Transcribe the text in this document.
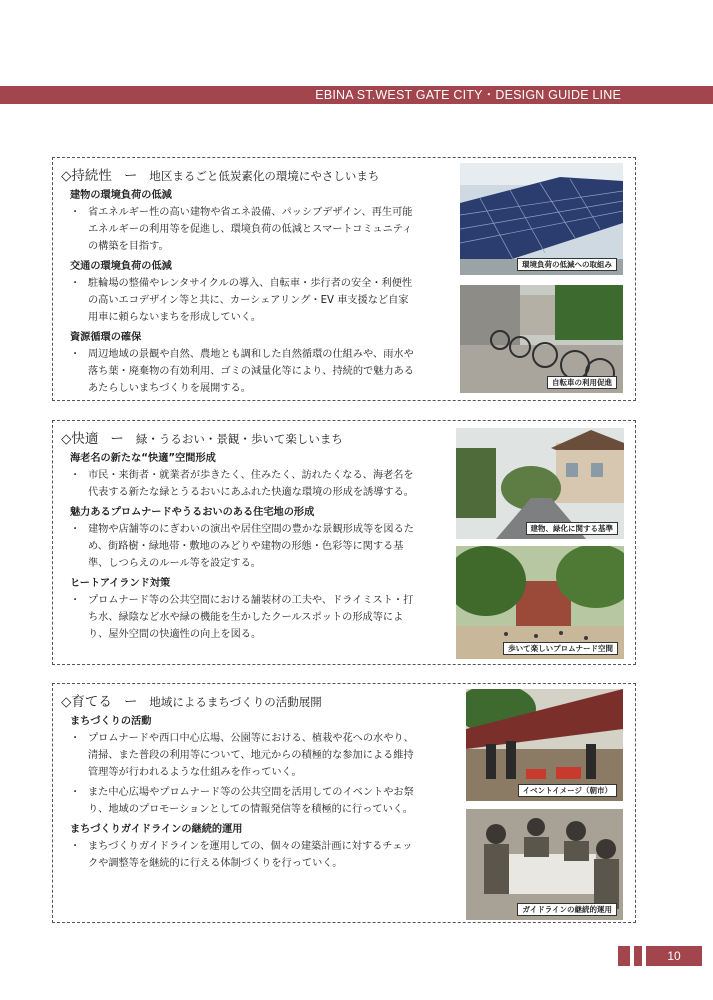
EBINA ST.WEST GATE CITY・DESIGN GUIDE LINE
◇持続性 ー 地区まるごと低炭素化の環境にやさしいまち

建物の環境負荷の低減

・ 省エネルギー性の高い建物や省エネ設備、パッシブデザイン、再生可能エネルギーの利用等を促進し、環境負荷の低減とスマートコミュニティの構築を目指す。

交通の環境負荷の低減

・ 駐輪場の整備やレンタサイクルの導入、自転車・歩行者の安全・利便性の高いエコデザイン等と共に、カーシェアリング・EV 車支援など自家用車に頼らないまちを形成していく。

資源循環の確保

・ 周辺地域の景観や自然、農地とも調和した自然循環の仕組みや、雨水や落ち葉・廃棄物の有効利用、ゴミの減量化等により、持続的で魅力あるあたらしいまちづくりを展開する。

環境負荷の低減への取組み
自転車の利用促進
◇快適 ー 緑・うるおい・景観・歩いて楽しいまち

海老名の新たな“快適”空間形成

・ 市民・来街者・就業者が歩きたく、住みたく、訪れたくなる、海老名を代表する新たな緑とうるおいにあふれた快適な環境の形成を誘導する。

魅力あるプロムナードやうるおいのある住宅地の形成

・ 建物や店舗等のにぎわいの演出や居住空間の豊かな景観形成等を図るため、街路樹・緑地帯・敷地のみどりや建物の形態・色彩等に関する基準、しつらえのルール等を設定する。

ヒートアイランド対策

・ プロムナード等の公共空間における舗装材の工夫や、ドライミスト・打ち水、緑陰など水や緑の機能を生かしたクールスポットの形成等により、屋外空間の快適性の向上を図る。

建物、緑化に関する基準
歩いて楽しいプロムナード空間
◇育てる ー 地域によるまちづくりの活動展開

まちづくりの活動

・ プロムナードや西口中心広場、公園等における、植栽や花への水やり、清掃、また普段の利用等について、地元からの積極的な参加による維持管理等が行われるような仕組みを作っていく。

・ また中心広場やプロムナード等の公共空間を活用してのイベントやお祭り、地域のプロモーションとしての情報発信等を積極的に行っていく。

まちづくりガイドラインの継続的運用

・ まちづくりガイドラインを運用しての、個々の建築計画に対するチェックや調整等を継続的に行える体制づくりを行っていく。

イベントイメージ（朝市）
ガイドラインの継続的運用
10
